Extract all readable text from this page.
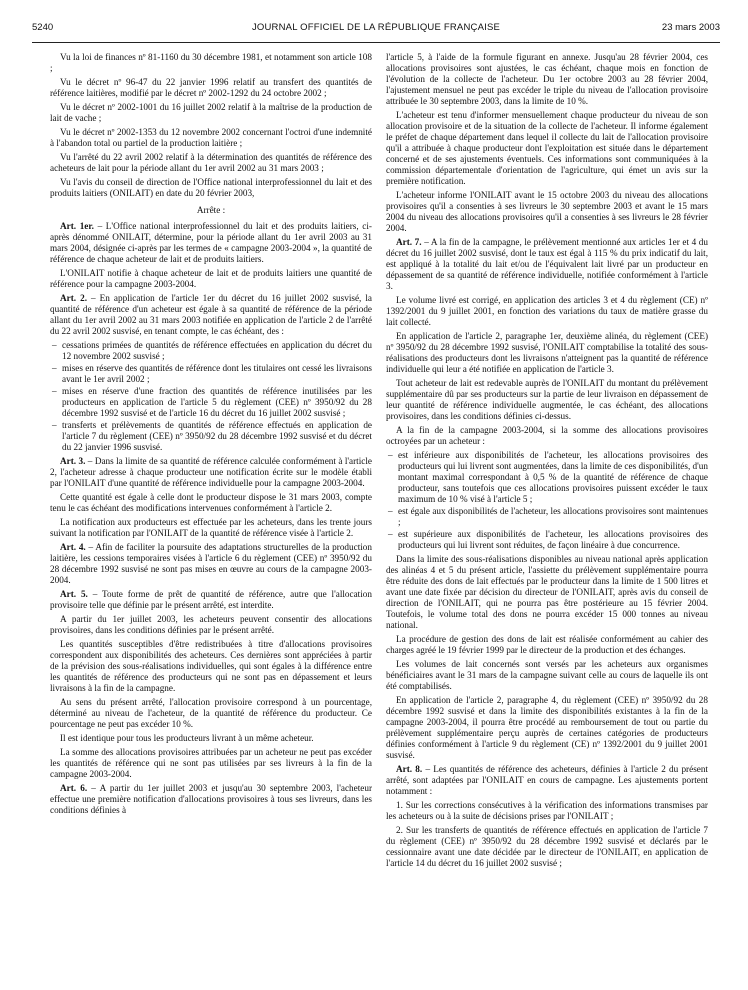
5240	JOURNAL OFFICIEL DE LA RÉPUBLIQUE FRANÇAISE	23 mars 2003

Vu la loi de finances nº 81-1160 du 30 décembre 1981, et notamment son article 108 ;

Vu le décret nº 96-47 du 22 janvier 1996 relatif au transfert des quantités de référence laitières, modifié par le décret nº 2002-1292 du 24 octobre 2002 ;

Vu le décret nº 2002-1001 du 16 juillet 2002 relatif à la maîtrise de la production de lait de vache ;

Vu le décret nº 2002-1353 du 12 novembre 2002 concernant l'octroi d'une indemnité à l'abandon total ou partiel de la production laitière ;

Vu l'arrêté du 22 avril 2002 relatif à la détermination des quantités de référence des acheteurs de lait pour la période allant du 1er avril 2002 au 31 mars 2003 ;

Vu l'avis du conseil de direction de l'Office national interprofessionnel du lait et des produits laitiers (ONILAIT) en date du 20 février 2003,

Arrête :

Art. 1er. – L'Office national interprofessionnel du lait et des produits laitiers, ci-après dénommé ONILAIT, détermine, pour la période allant du 1er avril 2003 au 31 mars 2004, désignée ci-après par les termes de « campagne 2003-2004 », la quantité de référence de chaque acheteur de lait et de produits laitiers.

L'ONILAIT notifie à chaque acheteur de lait et de produits laitiers une quantité de référence pour la campagne 2003-2004.

Art. 2. – En application de l'article 1er du décret du 16 juillet 2002 susvisé, la quantité de référence d'un acheteur est égale à sa quantité de référence de la période allant du 1er avril 2002 au 31 mars 2003 notifiée en application de l'article 2 de l'arrêté du 22 avril 2002 susvisé, en tenant compte, le cas échéant, des :

– cessations primées de quantités de référence effectuées en application du décret du 12 novembre 2002 susvisé ;
– mises en réserve des quantités de référence dont les titulaires ont cessé les livraisons avant le 1er avril 2002 ;
– mises en réserve d'une fraction des quantités de référence inutilisées par les producteurs en application de l'article 5 du règlement (CEE) nº 3950/92 du 28 décembre 1992 susvisé et de l'article 16 du décret du 16 juillet 2002 susvisé ;
– transferts et prélèvements de quantités de référence effectués en application de l'article 7 du règlement (CEE) nº 3950/92 du 28 décembre 1992 susvisé et du décret du 22 janvier 1996 susvisé.

Art. 3. – Dans la limite de sa quantité de référence calculée conformément à l'article 2, l'acheteur adresse à chaque producteur une notification écrite sur le modèle établi par l'ONILAIT d'une quantité de référence individuelle pour la campagne 2003-2004.

Cette quantité est égale à celle dont le producteur dispose le 31 mars 2003, compte tenu le cas échéant des modifications intervenues conformément à l'article 2.

La notification aux producteurs est effectuée par les acheteurs, dans les trente jours suivant la notification par l'ONILAIT de la quantité de référence visée à l'article 2.

Art. 4. – Afin de faciliter la poursuite des adaptations structurelles de la production laitière, les cessions temporaires visées à l'article 6 du règlement (CEE) nº 3950/92 du 28 décembre 1992 susvisé ne sont pas mises en œuvre au cours de la campagne 2003-2004.

Art. 5. – Toute forme de prêt de quantité de référence, autre que l'allocation provisoire telle que définie par le présent arrêté, est interdite.

A partir du 1er juillet 2003, les acheteurs peuvent consentir des allocations provisoires, dans les conditions définies par le présent arrêté.

Les quantités susceptibles d'être redistribuées à titre d'allocations provisoires correspondent aux disponibilités des acheteurs. Ces dernières sont appréciées à partir de la prévision des sous-réalisations individuelles, qui sont égales à la différence entre les quantités de référence des producteurs qui ne sont pas en dépassement et leurs livraisons à la fin de la campagne.

Au sens du présent arrêté, l'allocation provisoire correspond à un pourcentage, déterminé au niveau de l'acheteur, de la quantité de référence du producteur. Ce pourcentage ne peut pas excéder 10 %.

Il est identique pour tous les producteurs livrant à un même acheteur.

La somme des allocations provisoires attribuées par un acheteur ne peut pas excéder les quantités de référence qui ne sont pas utilisées par ses livreurs à la fin de la campagne 2003-2004.

Art. 6. – A partir du 1er juillet 2003 et jusqu'au 30 septembre 2003, l'acheteur effectue une première notification d'allocations provisoires à tous ses livreurs, dans les conditions définies à

l'article 5, à l'aide de la formule figurant en annexe. Jusqu'au 28 février 2004, ces allocations provisoires sont ajustées, le cas échéant, chaque mois en fonction de l'évolution de la collecte de l'acheteur. Du 1er octobre 2003 au 28 février 2004, l'ajustement mensuel ne peut pas excéder le triple du niveau de l'allocation provisoire attribuée le 30 septembre 2003, dans la limite de 10 %.

L'acheteur est tenu d'informer mensuellement chaque producteur du niveau de son allocation provisoire et de la situation de la collecte de l'acheteur. Il informe également le préfet de chaque département dans lequel il collecte du lait de l'allocation provisoire qu'il a attribuée à chaque producteur dont l'exploitation est située dans le département concerné et de ses ajustements éventuels. Ces informations sont communiquées à la commission départementale d'orientation de l'agriculture, qui émet un avis sur la première notification.

L'acheteur informe l'ONILAIT avant le 15 octobre 2003 du niveau des allocations provisoires qu'il a consenties à ses livreurs le 30 septembre 2003 et avant le 15 mars 2004 du niveau des allocations provisoires qu'il a consenties à ses livreurs le 28 février 2004.

Art. 7. – A la fin de la campagne, le prélèvement mentionné aux articles 1er et 4 du décret du 16 juillet 2002 susvisé, dont le taux est égal à 115 % du prix indicatif du lait, est appliqué à la totalité du lait et/ou de l'équivalent lait livré par un producteur en dépassement de sa quantité de référence individuelle, notifiée conformément à l'article 3.

Le volume livré est corrigé, en application des articles 3 et 4 du règlement (CE) nº 1392/2001 du 9 juillet 2001, en fonction des variations du taux de matière grasse du lait collecté.

En application de l'article 2, paragraphe 1er, deuxième alinéa, du règlement (CEE) nº 3950/92 du 28 décembre 1992 susvisé, l'ONILAIT comptabilise la totalité des sous-réalisations des producteurs dont les livraisons n'atteignent pas la quantité de référence individuelle qui leur a été notifiée en application de l'article 3.

Tout acheteur de lait est redevable auprès de l'ONILAIT du montant du prélèvement supplémentaire dû par ses producteurs sur la partie de leur livraison en dépassement de leur quantité de référence individuelle augmentée, le cas échéant, des allocations provisoires, dans les conditions définies ci-dessus.

A la fin de la campagne 2003-2004, si la somme des allocations provisoires octroyées par un acheteur :

– est inférieure aux disponibilités de l'acheteur, les allocations provisoires des producteurs qui lui livrent sont augmentées, dans la limite de ces disponibilités, d'un montant maximal correspondant à 0,5 % de la quantité de référence de chaque producteur, sans toutefois que ces allocations provisoires puissent excéder le taux maximum de 10 % visé à l'article 5 ;
– est égale aux disponibilités de l'acheteur, les allocations provisoires sont maintenues ;
– est supérieure aux disponibilités de l'acheteur, les allocations provisoires des producteurs qui lui livrent sont réduites, de façon linéaire à due concurrence.

Dans la limite des sous-réalisations disponibles au niveau national après application des alinéas 4 et 5 du présent article, l'assiette du prélèvement supplémentaire pourra être réduite des dons de lait effectués par le producteur dans la limite de 1 500 litres et avant une date fixée par décision du directeur de l'ONILAIT, après avis du conseil de direction de l'ONILAIT, qui ne pourra pas être postérieure au 15 février 2004. Toutefois, le volume total des dons ne pourra excéder 15 000 tonnes au niveau national.

La procédure de gestion des dons de lait est réalisée conformément au cahier des charges agréé le 19 février 1999 par le directeur de la production et des échanges.

Les volumes de lait concernés sont versés par les acheteurs aux organismes bénéficiaires avant le 31 mars de la campagne suivant celle au cours de laquelle ils ont été comptabilisés.

En application de l'article 2, paragraphe 4, du règlement (CEE) nº 3950/92 du 28 décembre 1992 susvisé et dans la limite des disponibilités existantes à la fin de la campagne 2003-2004, il pourra être procédé au remboursement de tout ou partie du prélèvement supplémentaire perçu auprès de certaines catégories de producteurs définies conformément à l'article 9 du règlement (CE) nº 1392/2001 du 9 juillet 2001 susvisé.

Art. 8. – Les quantités de référence des acheteurs, définies à l'article 2 du présent arrêté, sont adaptées par l'ONILAIT en cours de campagne. Les ajustements portent notamment :

1. Sur les corrections consécutives à la vérification des informations transmises par les acheteurs ou à la suite de décisions prises par l'ONILAIT ;

2. Sur les transferts de quantités de référence effectués en application de l'article 7 du règlement (CEE) nº 3950/92 du 28 décembre 1992 susvisé et déclarés par le cessionnaire avant une date décidée par le directeur de l'ONILAIT, en application de l'article 14 du décret du 16 juillet 2002 susvisé ;
